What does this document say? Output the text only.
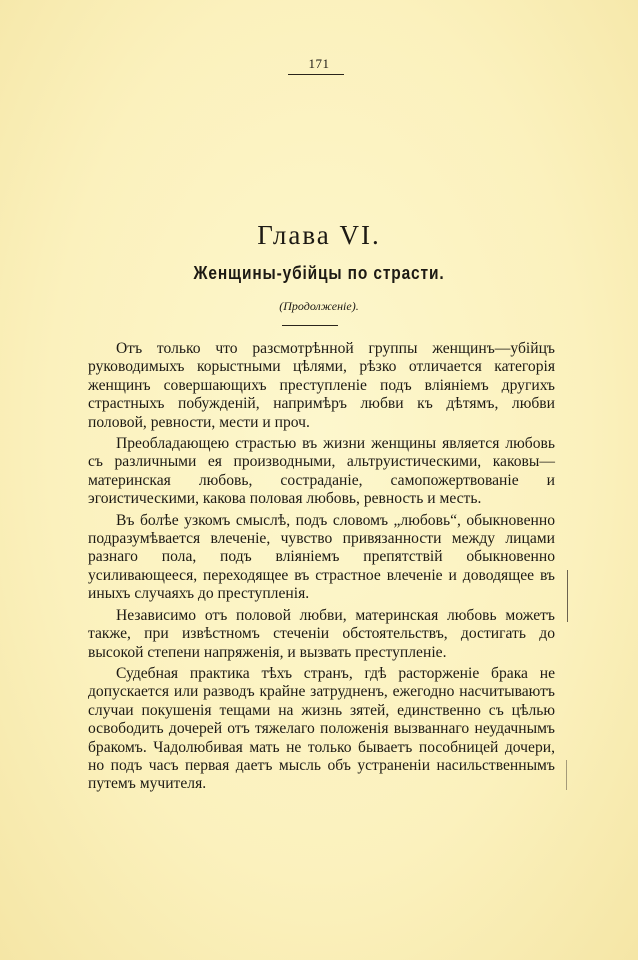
171
Глава VI.
Женщины-убійцы по страсти.
(Продолженіе).

Отъ только что разсмотрѣнной группы женщинъ—убійцъ руководимыхъ корыстными цѣлями, рѣзко отличается категорія женщинъ совершающихъ преступленіе подъ вліяніемъ другихъ страстныхъ побужденій, напримѣръ любви къ дѣтямъ, любви половой, ревности, мести и проч.

Преобладающею страстью въ жизни женщины является любовь съ различными ея производными, альтруистическими, каковы—материнская любовь, состраданіе, самопожертвованіе и эгоистическими, какова половая любовь, ревность и месть.

Въ болѣе узкомъ смыслѣ, подъ словомъ „любовь“, обыкновенно подразумѣвается влеченіе, чувство привязанности между лицами разнаго пола, подъ вліяніемъ препятствій обыкновенно усиливающееся, переходящее въ страстное влеченіе и доводящее въ иныхъ случаяхъ до преступленія.

Независимо отъ половой любви, материнская любовь можетъ также, при извѣстномъ стеченіи обстоятельствъ, достигать до высокой степени напряженія, и вызвать преступленіе.

Судебная практика тѣхъ странъ, гдѣ расторженіе брака не допускается или разводъ крайне затрудненъ, ежегодно насчитываютъ случаи покушенія тещами на жизнь зятей, единственно съ цѣлью освободить дочерей отъ тяжелаго положенія вызваннаго неудачнымъ бракомъ. Чадолюбивая мать не только бываетъ пособницей дочери, но подъ часъ первая даетъ мысль объ устраненіи насильственнымъ путемъ мучителя.
